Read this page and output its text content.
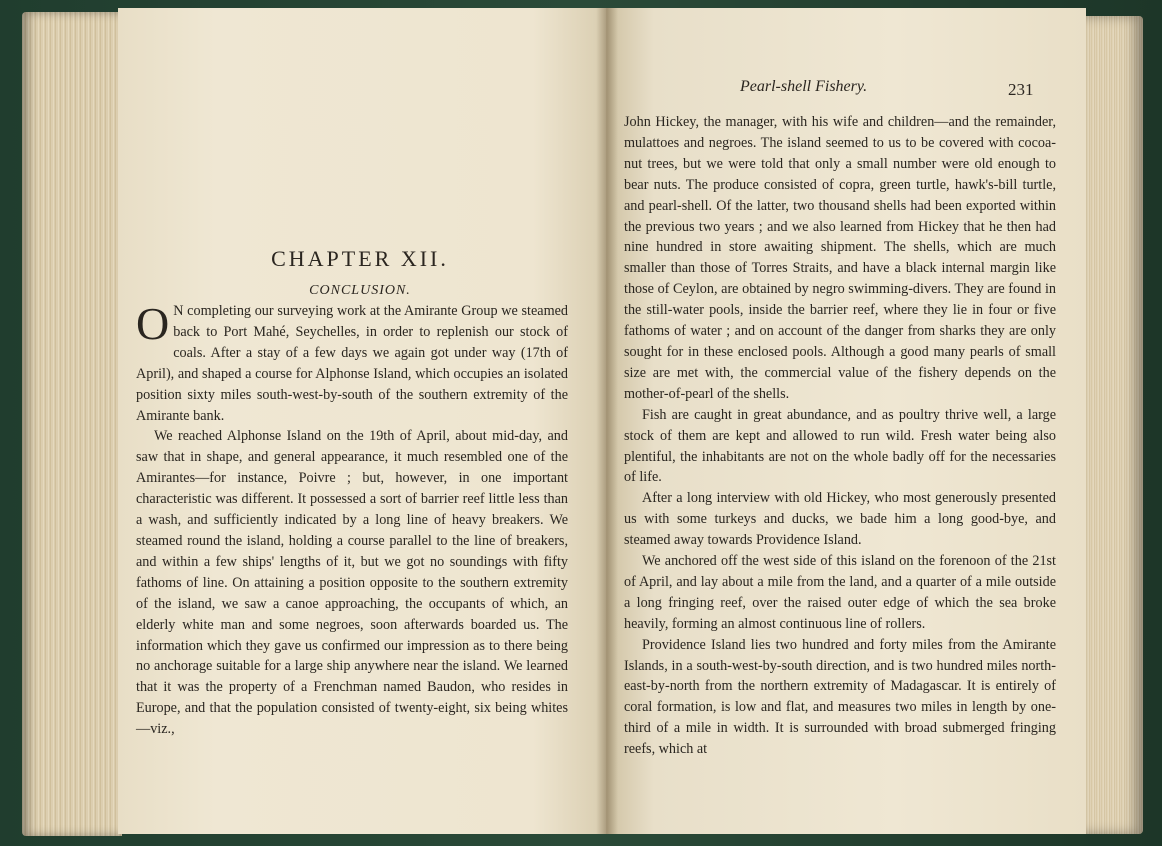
CHAPTER XII.
CONCLUSION.

O N completing our surveying work at the Amirante Group we steamed back to Port Mahé, Seychelles, in order to replenish our stock of coals. After a stay of a few days we again got under way (17th of April), and shaped a course for Alphonse Island, which occupies an isolated position sixty miles south-west-by-south of the southern extremity of the Amirante bank.

We reached Alphonse Island on the 19th of April, about mid-day, and saw that in shape, and general appearance, it much resembled one of the Amirantes—for instance, Poivre ; but, however, in one important characteristic was different. It possessed a sort of barrier reef little less than a wash, and sufficiently indicated by a long line of heavy breakers. We steamed round the island, holding a course parallel to the line of breakers, and within a few ships' lengths of it, but we got no soundings with fifty fathoms of line. On attaining a position opposite to the southern extremity of the island, we saw a canoe approaching, the occupants of which, an elderly white man and some negroes, soon afterwards boarded us. The information which they gave us confirmed our impression as to there being no anchorage suitable for a large ship anywhere near the island. We learned that it was the property of a Frenchman named Baudon, who resides in Europe, and that the population consisted of twenty-eight, six being whites—viz.,

Pearl-shell Fishery.	231

John Hickey, the manager, with his wife and children—and the remainder, mulattoes and negroes. The island seemed to us to be covered with cocoa-nut trees, but we were told that only a small number were old enough to bear nuts. The produce consisted of copra, green turtle, hawk's-bill turtle, and pearl-shell. Of the latter, two thousand shells had been exported within the previous two years ; and we also learned from Hickey that he then had nine hundred in store awaiting shipment. The shells, which are much smaller than those of Torres Straits, and have a black internal margin like those of Ceylon, are obtained by negro swimming-divers. They are found in the still-water pools, inside the barrier reef, where they lie in four or five fathoms of water ; and on account of the danger from sharks they are only sought for in these enclosed pools. Although a good many pearls of small size are met with, the commercial value of the fishery depends on the mother-of-pearl of the shells.

Fish are caught in great abundance, and as poultry thrive well, a large stock of them are kept and allowed to run wild. Fresh water being also plentiful, the inhabitants are not on the whole badly off for the necessaries of life.

After a long interview with old Hickey, who most generously presented us with some turkeys and ducks, we bade him a long good-bye, and steamed away towards Providence Island.

We anchored off the west side of this island on the forenoon of the 21st of April, and lay about a mile from the land, and a quarter of a mile outside a long fringing reef, over the raised outer edge of which the sea broke heavily, forming an almost continuous line of rollers.

Providence Island lies two hundred and forty miles from the Amirante Islands, in a south-west-by-south direction, and is two hundred miles north-east-by-north from the northern extremity of Madagascar. It is entirely of coral formation, is low and flat, and measures two miles in length by one-third of a mile in width. It is surrounded with broad submerged fringing reefs, which at
